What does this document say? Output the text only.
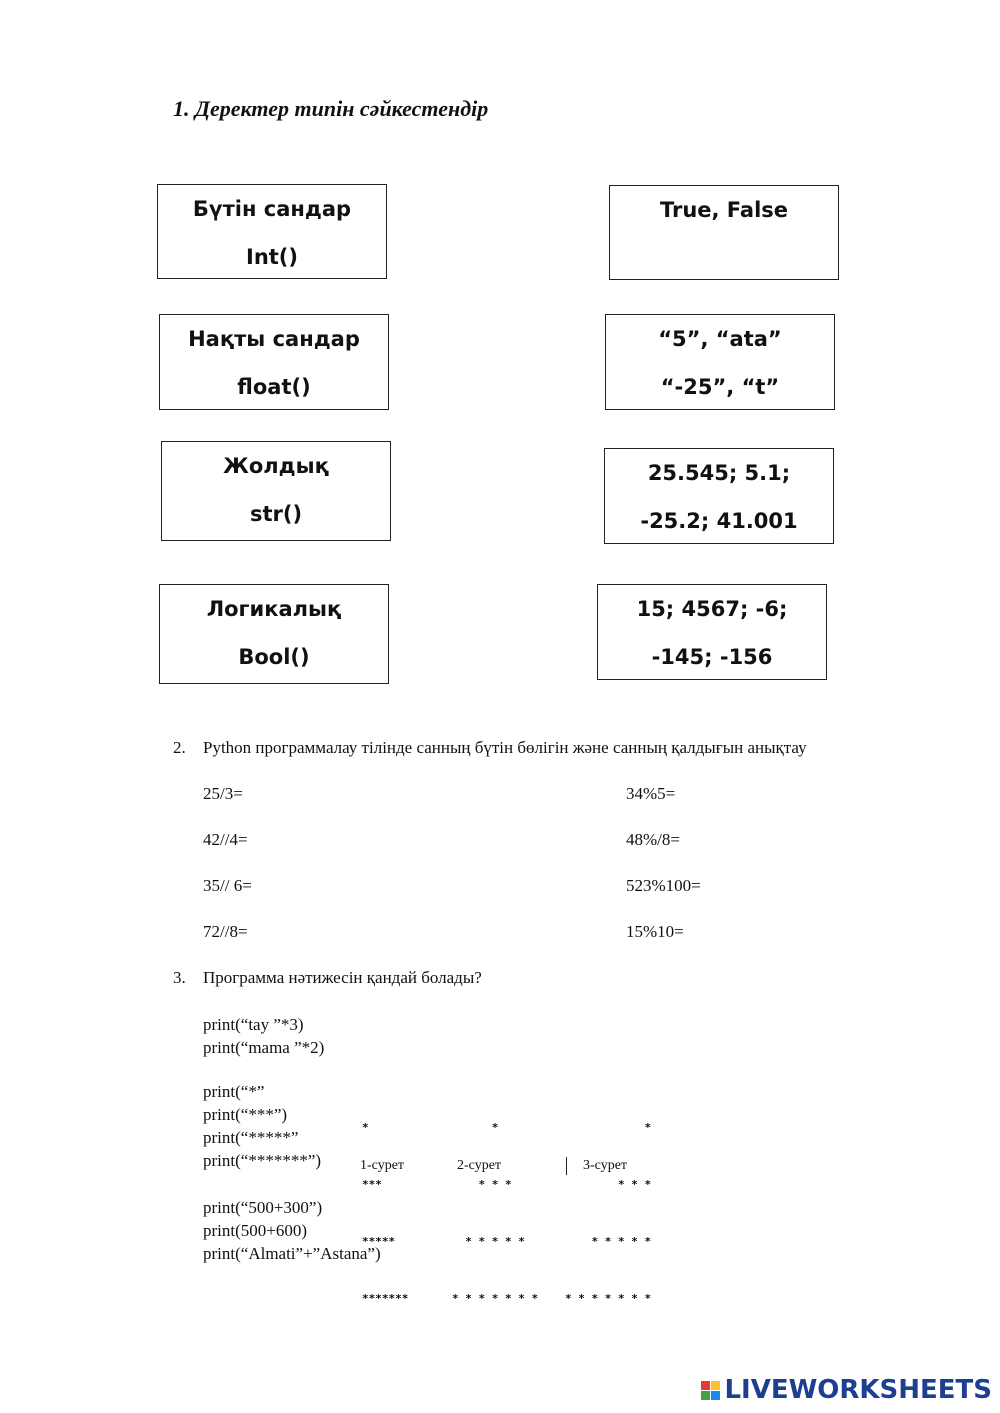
1. Деректер типін сәйкестендір
Бүтін сандар
Int()
Нақты сандар
float()
Жолдық
str()
Логикалық
Bool()
True, False
“5”, “ata”
“-25”, “t”
25.545; 5.1;
-25.2; 41.001
15; 4567; -6;
-145; -156
2. Python программалау тілінде санның бүтін бөлігін және санның қалдығын анықтау
25/3=
42//4=
35// 6=
72//8=
34%5=
48%/8=
523%100=
15%10=
3. Программа нәтижесін қандай болады?
print(“tay ”*3)
print(“mama ”*2)
print(“*”
print(“***”)
print(“*****”
print(“*******”)

*

***

*****

*******

*

* * *

* * * * *

* * * * * * *

*

* * *

* * * * *

* * * * * * *

1-сурет	2-сурет	3-сурет
print(“500+300”)
print(500+600)
print(“Almati”+”Astana”)
LIVEWORKSHEETS
